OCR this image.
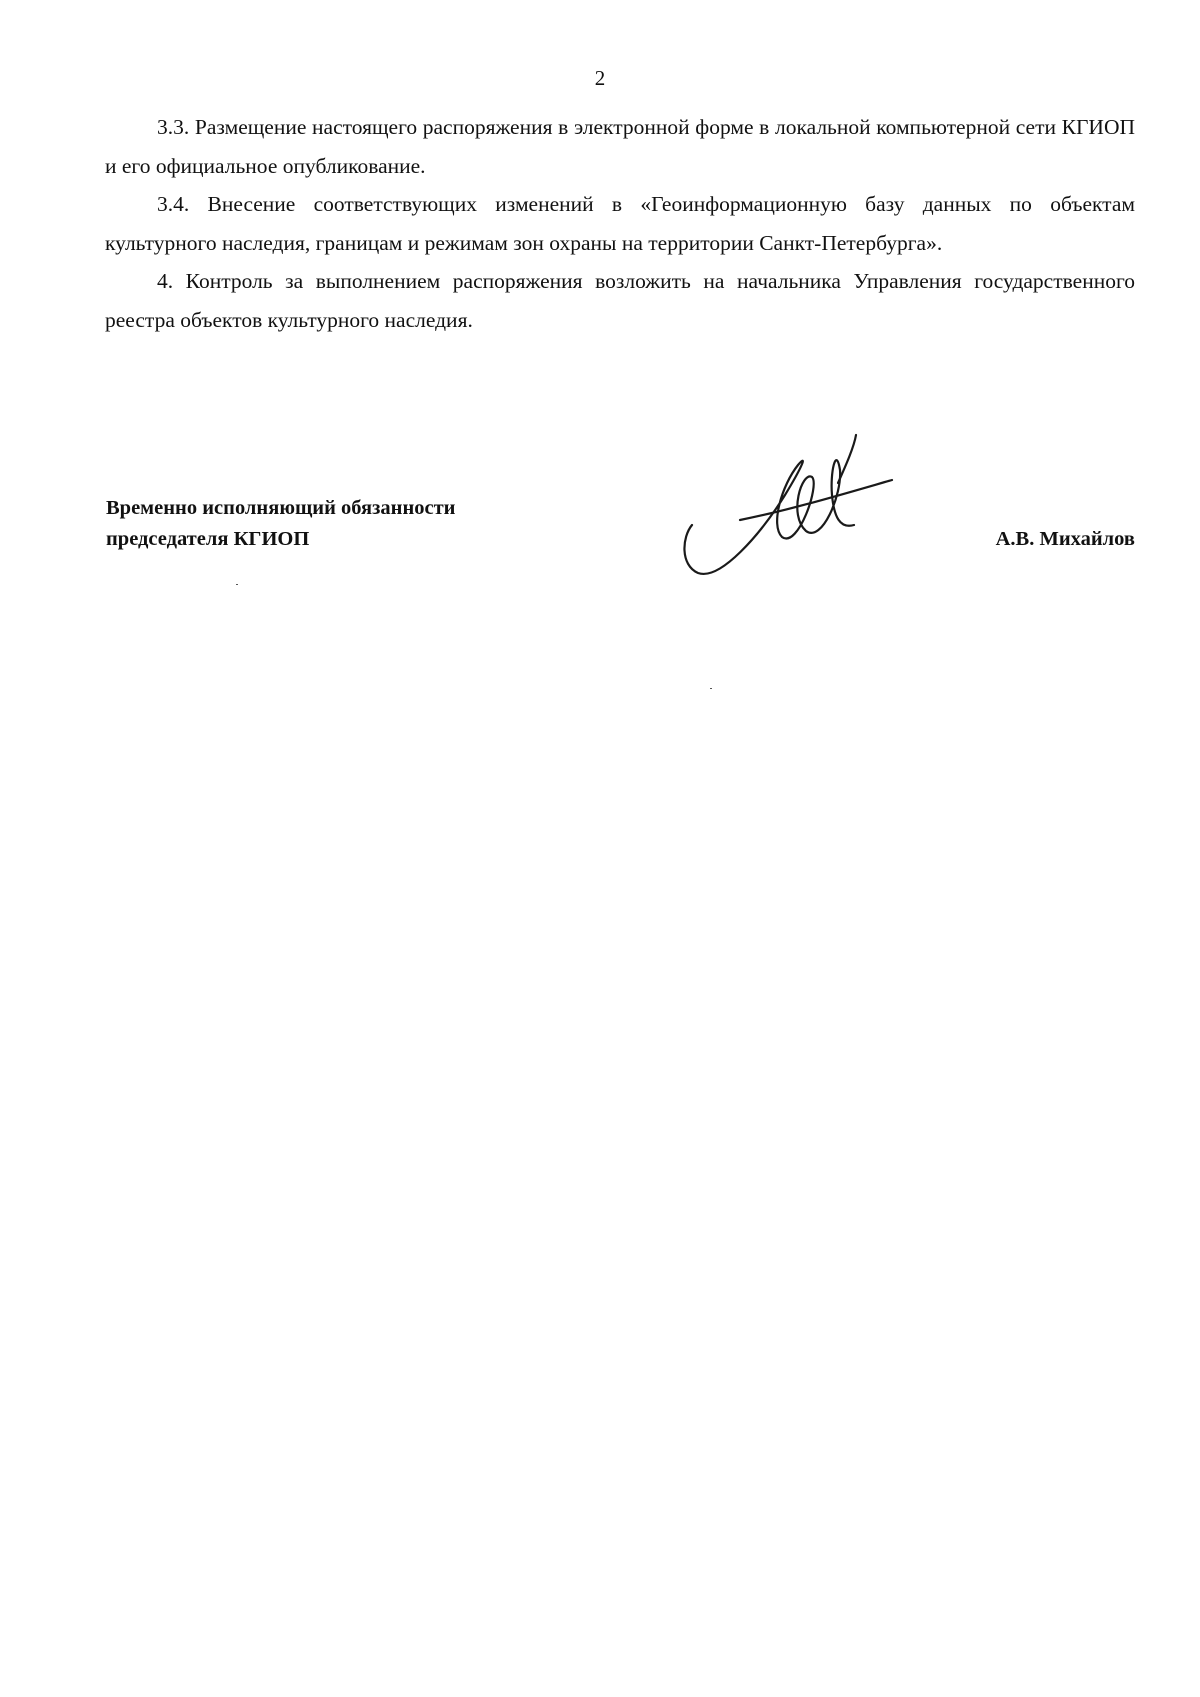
2

3.3. Размещение настоящего распоряжения в электронной форме в локальной компьютерной сети КГИОП и его официальное опубликование.

3.4. Внесение соответствующих изменений в «Геоинформационную базу данных по объектам культурного наследия, границам и режимам зон охраны на территории Санкт-Петербурга».

4. Контроль за выполнением распоряжения возложить на начальника Управления государственного реестра объектов культурного наследия.

Временно исполняющий обязанности
председателя КГИОП	А.В. Михайлов
